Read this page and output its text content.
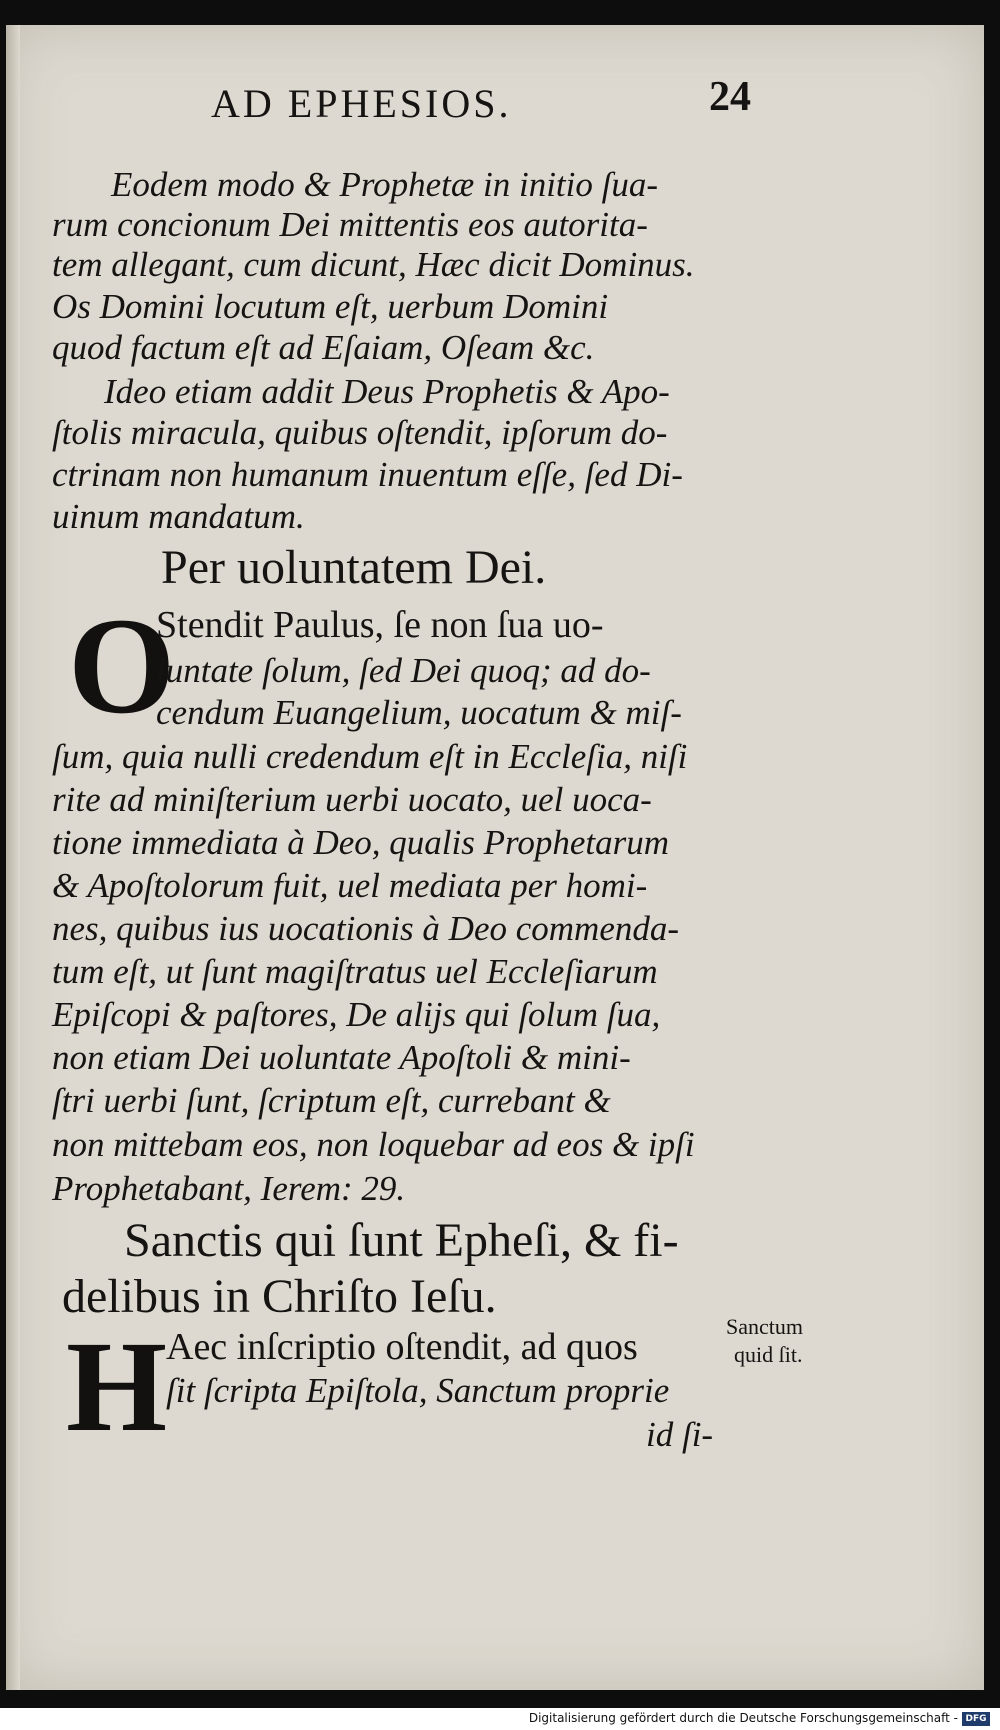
AD EPHESIOS.	24
Eodem modo & Prophetæ in initio ſua-
rum concionum Dei mittentis eos autorita-
tem allegant, cum dicunt, Hæc dicit Dominus.
Os Domini locutum eſt, uerbum Domini
quod factum eſt ad Eſaiam, Oſeam &c.
Ideo etiam addit Deus Prophetis & Apo-
ſtolis miracula, quibus oſtendit, ipſorum do-
ctrinam non humanum inuentum eſſe, ſed Di-
uinum mandatum.
Per uoluntatem Dei.
O
Stendit Paulus, ſe non ſua uo-
luntate ſolum, ſed Dei quoq; ad do-
cendum Euangelium, uocatum & miſ-
ſum, quia nulli credendum eſt in Eccleſia, niſi
rite ad miniſterium uerbi uocato, uel uoca-
tione immediata à Deo, qualis Prophetarum
& Apoſtolorum fuit, uel mediata per homi-
nes, quibus ius uocationis à Deo commenda-
tum eſt, ut ſunt magiſtratus uel Eccleſiarum
Epiſcopi & paſtores, De alijs qui ſolum ſua,
non etiam Dei uoluntate Apoſtoli & mini-
ſtri uerbi ſunt, ſcriptum eſt, currebant &
non mittebam eos, non loquebar ad eos & ipſi
Prophetabant, Ierem: 29.
Sanctis qui ſunt Epheſi, & fi-
delibus in Chriſto Ieſu.
H
Aec inſcriptio oſtendit, ad quos
ſit ſcripta Epiſtola, Sanctum proprie
id ſi-
Sanctum
quid ſit.
Digitalisierung gefördert durch die Deutsche Forschungsgemeinschaft - DFG
